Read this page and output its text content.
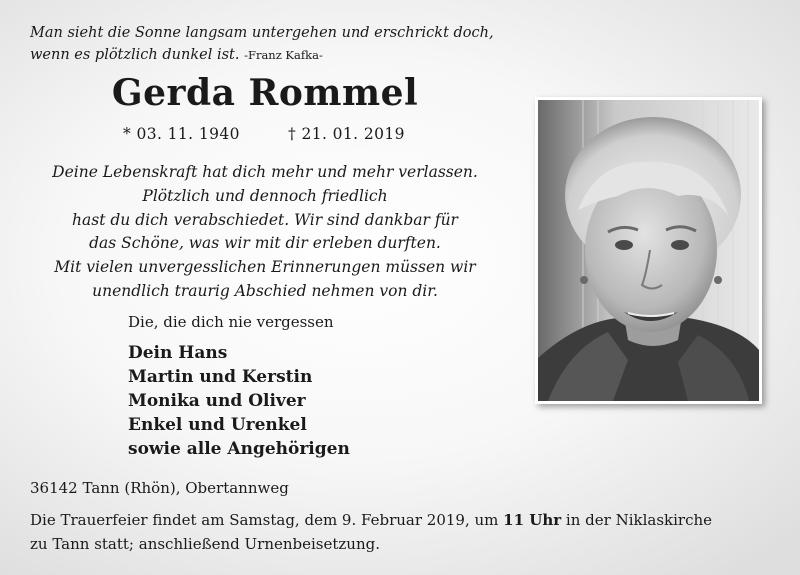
Man sieht die Sonne langsam untergehen und erschrickt doch,
wenn es plötzlich dunkel ist. -Franz Kafka-
Gerda Rommel
* 03. 11. 1940	† 21. 01. 2019
Deine Lebenskraft hat dich mehr und mehr verlassen.
Plötzlich und dennoch friedlich
hast du dich verabschiedet. Wir sind dankbar für
das Schöne, was wir mit dir erleben durften.
Mit vielen unvergesslichen Erinnerungen müssen wir
unendlich traurig Abschied nehmen von dir.
Die, die dich nie vergessen
Dein Hans
Martin und Kerstin
Monika und Oliver
Enkel und Urenkel
sowie alle Angehörigen
36142 Tann (Rhön), Obertannweg
Die Trauerfeier findet am Samstag, dem 9. Februar 2019, um 11 Uhr in der Niklaskirche
zu Tann statt; anschließend Urnenbeisetzung.
